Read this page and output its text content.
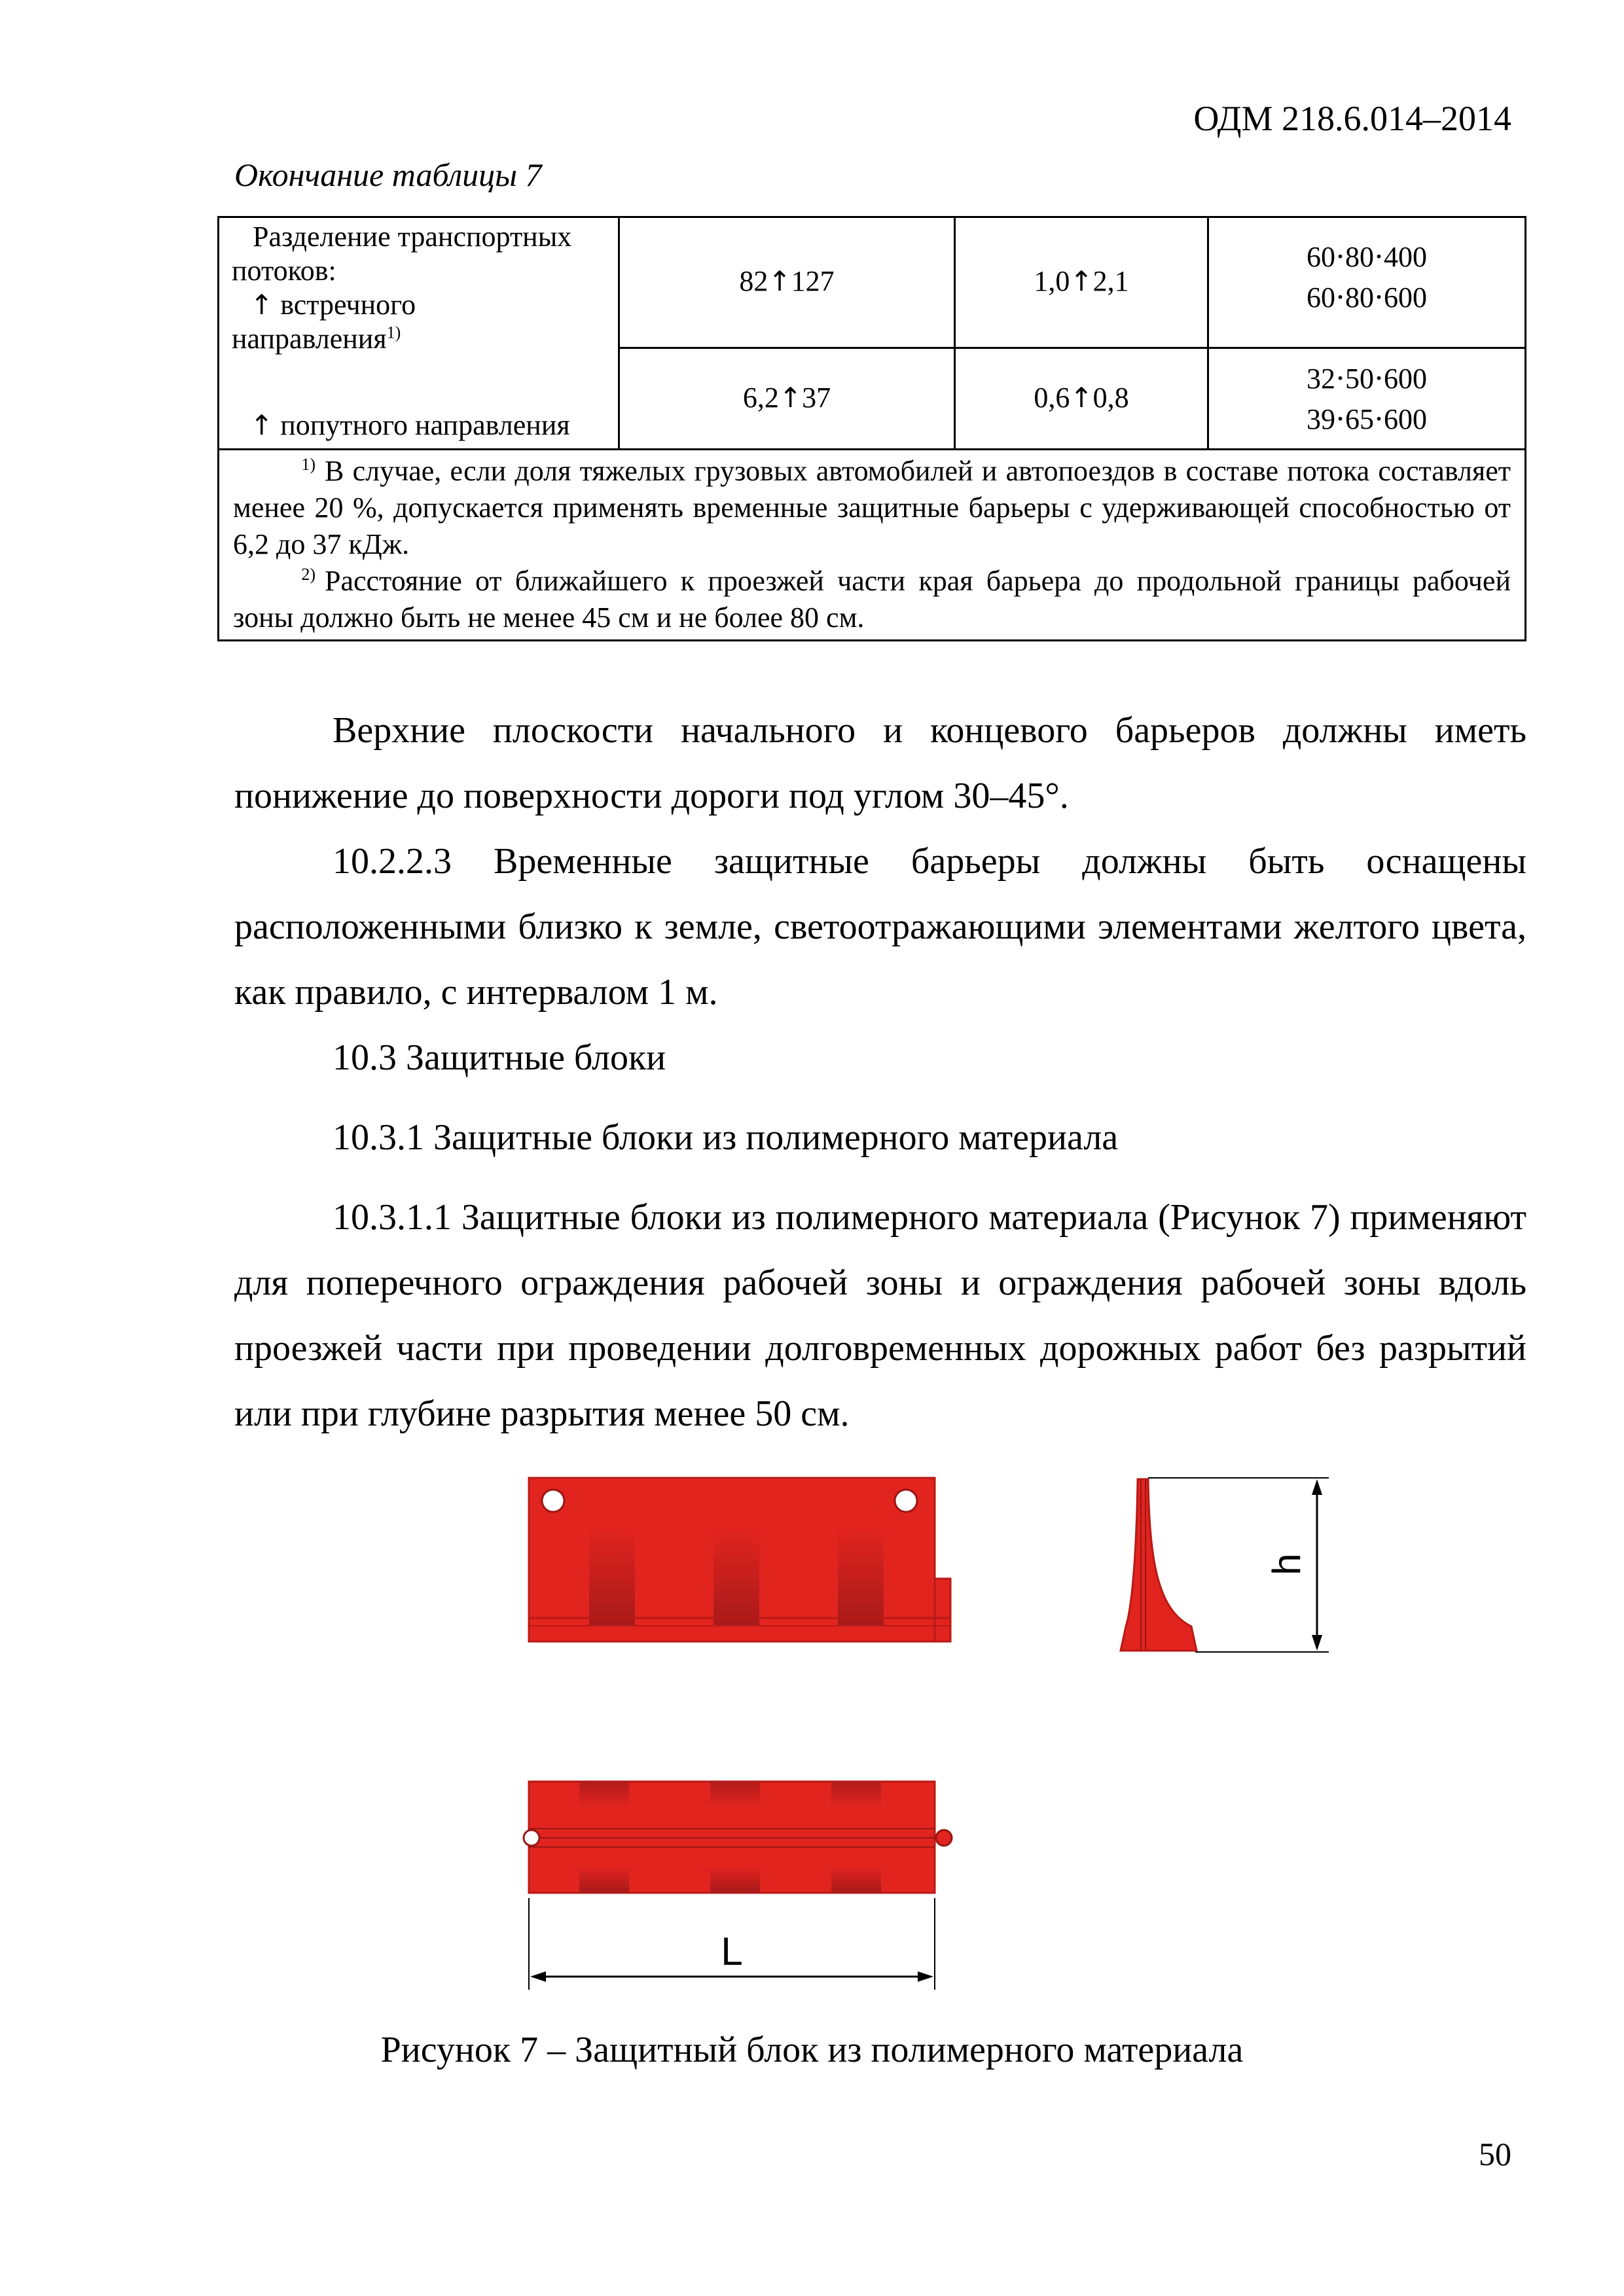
ОДМ 218.6.014–2014
Окончание таблицы 7
Разделение транспортных
потоков:
↑ встречного
направления$^{1)}$
↑ попутного направления
82↑127	1,0↑2,1
60⋅80⋅400
60⋅80⋅600
6,2↑37	0,6↑0,8
32⋅50⋅600
39⋅65⋅600
$^{1)}$ В случае, если доля тяжелых грузовых автомобилей и автопоездов в составе потока составляет менее 20 %, допускается применять временные защитные барьеры с удерживающей способностью от 6,2 до 37 кДж.
$^{2)}$ Расстояние от ближайшего к проезжей части края барьера до продольной границы рабочей зоны должно быть не менее 45 см и не более 80 см.
Верхние плоскости начального и концевого барьеров должны иметь понижение до поверхности дороги под углом 30–45°.
10.2.2.3 Временные защитные барьеры должны быть оснащены расположенными близко к земле, светоотражающими элементами желтого цвета, как правило, с интервалом 1 м.
10.3 Защитные блоки
10.3.1 Защитные блоки из полимерного материала
10.3.1.1 Защитные блоки из полимерного материала (Рисунок 7) применяют для поперечного ограждения рабочей зоны и ограждения рабочей зоны вдоль проезжей части при проведении долговременных дорожных работ без разрытий или при глубине разрытия менее 50 см.
h
L
Рисунок 7 – Защитный блок из полимерного материала
50
